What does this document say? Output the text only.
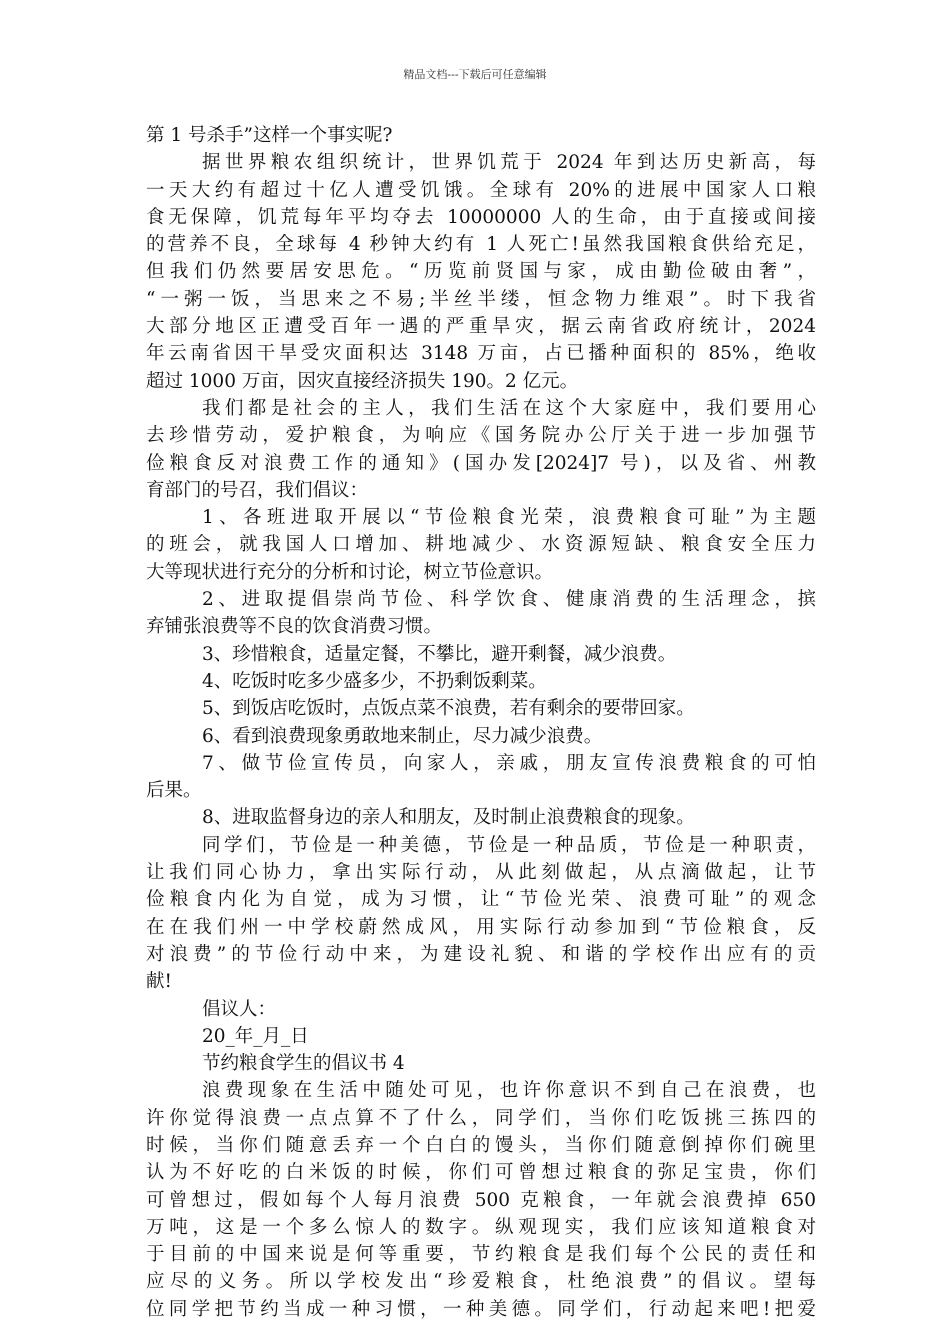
精品文档---下载后可任意编辑
第 1 号杀手”这样一个事实呢?
据世界粮农组织统计，世界饥荒于 2024 年到达历史新高，每
一天大约有超过十亿人遭受饥饿。全球有 20%的进展中国家人口粮
食无保障，饥荒每年平均夺去 10000000 人的生命，由于直接或间接
的营养不良，全球每 4 秒钟大约有 1 人死亡!虽然我国粮食供给充足，
但我们仍然要居安思危。“历览前贤国与家，成由勤俭破由奢”，
“一粥一饭，当思来之不易;半丝半缕，恒念物力维艰”。时下我省
大部分地区正遭受百年一遇的严重旱灾，据云南省政府统计，2024
年云南省因干旱受灾面积达 3148 万亩，占已播种面积的 85%，绝收
超过 1000 万亩，因灾直接经济损失 190。2 亿元。
我们都是社会的主人，我们生活在这个大家庭中，我们要用心
去珍惜劳动，爱护粮食，为响应《国务院办公厅关于进一步加强节
俭粮食反对浪费工作的通知》(国办发[2024]7 号)，以及省、州教
育部门的号召，我们倡议：
1、各班进取开展以“节俭粮食光荣，浪费粮食可耻”为主题
的班会，就我国人口增加、耕地减少、水资源短缺、粮食安全压力
大等现状进行充分的分析和讨论，树立节俭意识。
2、进取提倡崇尚节俭、科学饮食、健康消费的生活理念，摈
弃铺张浪费等不良的饮食消费习惯。
3、珍惜粮食，适量定餐，不攀比，避开剩餐，减少浪费。
4、吃饭时吃多少盛多少，不扔剩饭剩菜。
5、到饭店吃饭时，点饭点菜不浪费，若有剩余的要带回家。
6、看到浪费现象勇敢地来制止，尽力减少浪费。
7、做节俭宣传员，向家人，亲戚，朋友宣传浪费粮食的可怕
后果。
8、进取监督身边的亲人和朋友，及时制止浪费粮食的现象。
同学们，节俭是一种美德，节俭是一种品质，节俭是一种职责，
让我们同心协力，拿出实际行动，从此刻做起，从点滴做起，让节
俭粮食内化为自觉，成为习惯，让“节俭光荣、浪费可耻”的观念
在在我们州一中学校蔚然成风，用实际行动参加到“节俭粮食，反
对浪费”的节俭行动中来，为建设礼貌、和谐的学校作出应有的贡
献!
倡议人：
20_年_月_日
节约粮食学生的倡议书 4
浪费现象在生活中随处可见，也许你意识不到自己在浪费，也
许你觉得浪费一点点算不了什么，同学们，当你们吃饭挑三拣四的
时候，当你们随意丢弃一个白白的馒头，当你们随意倒掉你们碗里
认为不好吃的白米饭的时候，你们可曾想过粮食的弥足宝贵，你们
可曾想过，假如每个人每月浪费 500 克粮食，一年就会浪费掉 650
万吨，这是一个多么惊人的数字。纵观现实，我们应该知道粮食对
于目前的中国来说是何等重要，节约粮食是我们每个公民的责任和
应尽的义务。所以学校发出“珍爱粮食，杜绝浪费”的倡议。望每
位同学把节约当成一种习惯，一种美德。同学们，行动起来吧!把爱
